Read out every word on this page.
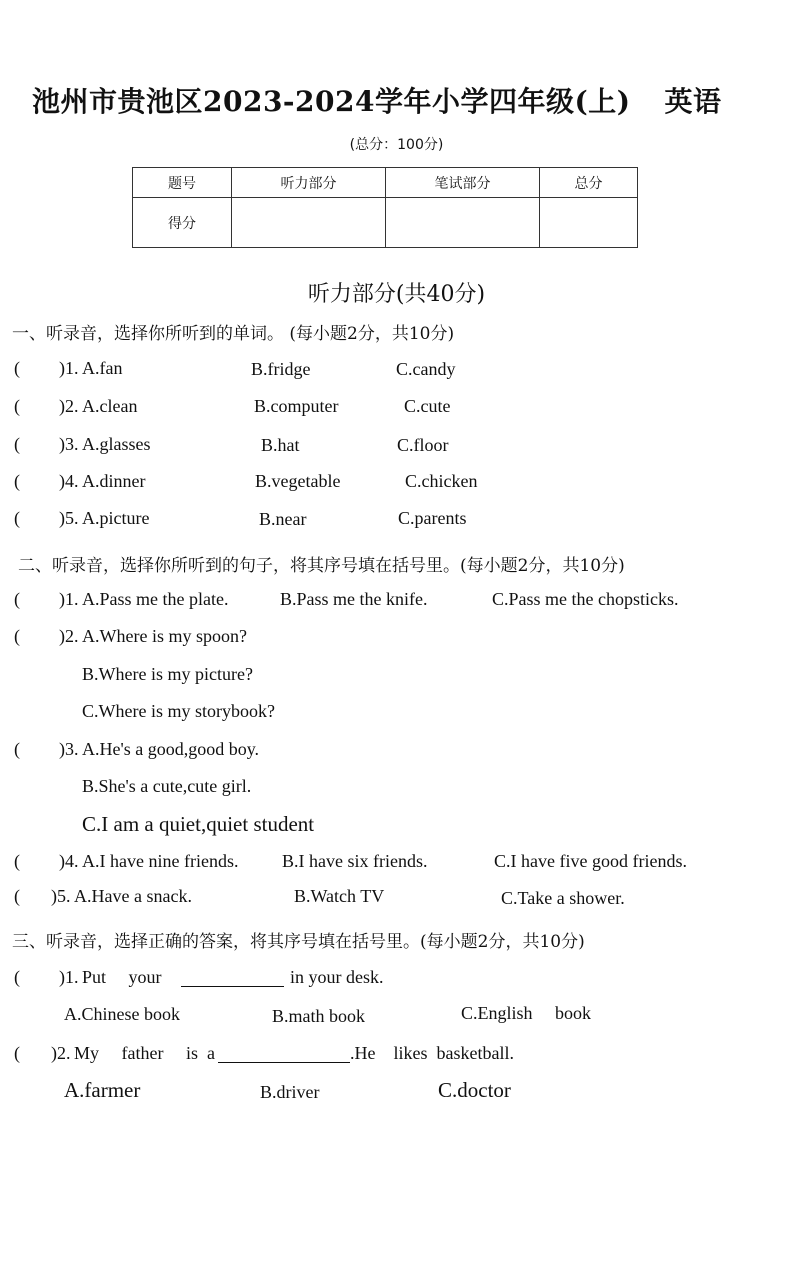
池州市贵池区2023-2024学年小学四年级(上) 英语
(总分：100分)
题号	听力部分	笔试部分	总分
得分			
听力部分(共40分)
一、听录音，选择你所听到的单词。 (每小题2分，共10分)
( )1. A.fan	B.fridge	C.candy
( )2. A.clean	B.computer	C.cute
( )3. A.glasses	B.hat	C.floor
( )4. A.dinner	B.vegetable	C.chicken
( )5. A.picture	B.near	C.parents
二、听录音，选择你所听到的句子，将其序号填在括号里。(每小题2分，共10分)
( )1. A.Pass me the plate.	B.Pass me the knife.	C.Pass me the chopsticks.
( )2. A.Where is my spoon?
B.Where is my picture?
C.Where is my storybook?
( )3. A.He's a good,good boy.
B.She's a cute,cute girl.
C.I am a quiet,quiet student
( )4. A.I have nine friends. B.I have six friends.	C.I have five good friends.
( )5. A.Have a snack.	B.Watch TV	C.Take a shower.
三、听录音，选择正确的答案，将其序号填在括号里。(每小题2分，共10分)
( )1. Put     your	in your desk.
A.Chinese book	B.math book	C.English     book
( )2. My     father     is  a	.He    likes  basketball.
A.farmer	B.driver	C.doctor
